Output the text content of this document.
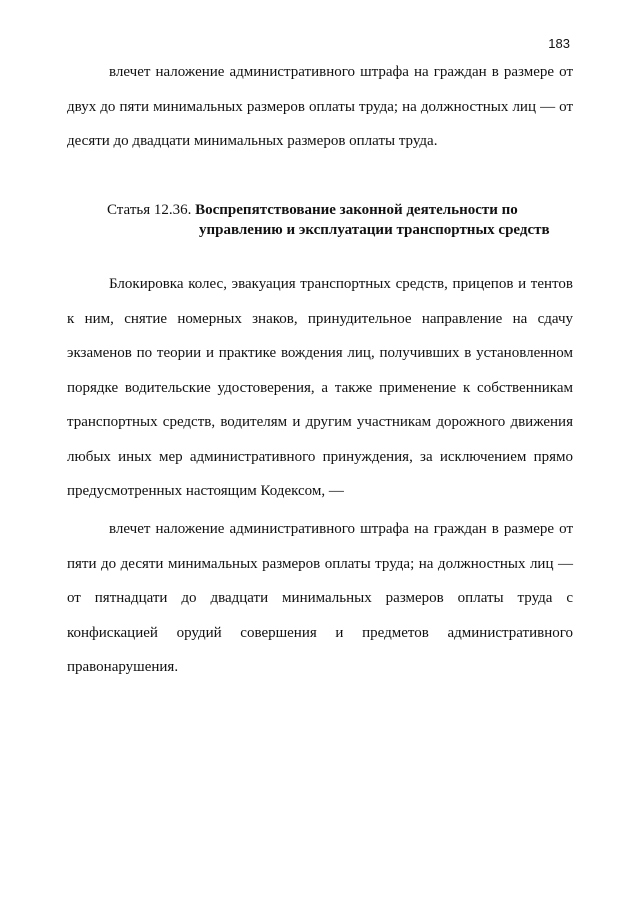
183

влечет наложение административного штрафа на граждан в размере от двух до пяти минимальных размеров оплаты труда; на должностных лиц — от десяти до двадцати минимальных размеров оплаты труда.

Статья 12.36. Воспрепятствование законной деятельности по
управлению и эксплуатации транспортных средств

Блокировка колес, эвакуация транспортных средств, прицепов и тентов к ним, снятие номерных знаков, принудительное направление на сдачу экзаменов по теории и практике вождения лиц, получивших в установленном порядке водительские удостоверения, а также применение к собственникам транспортных средств, водителям и другим участникам дорожного движения любых иных мер административного принуждения, за исключением прямо предусмотренных настоящим Кодексом, —

влечет наложение административного штрафа на граждан в размере от пяти до десяти минимальных размеров оплаты труда; на должностных лиц — от пятнадцати до двадцати минимальных размеров оплаты труда с конфискацией орудий совершения и предметов административного правонарушения.
